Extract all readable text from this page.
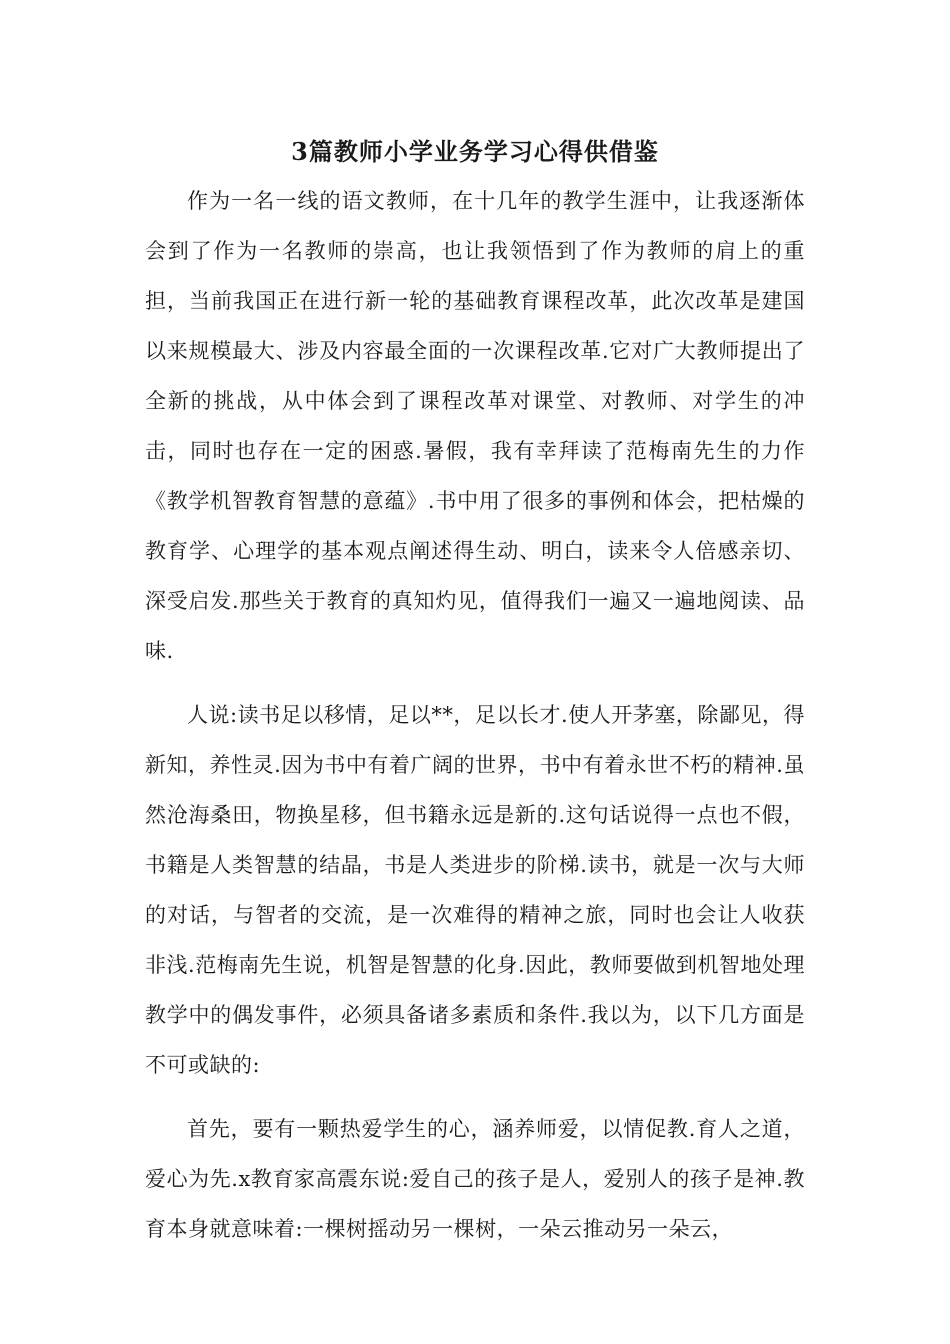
3篇教师小学业务学习心得供借鉴

作为一名一线的语文教师，在十几年的教学生涯中，让我逐渐体会到了作为一名教师的崇高，也让我领悟到了作为教师的肩上的重担，当前我国正在进行新一轮的基础教育课程改革，此次改革是建国以来规模最大、涉及内容最全面的一次课程改革.它对广大教师提出了全新的挑战，从中体会到了课程改革对课堂、对教师、对学生的冲击，同时也存在一定的困惑.暑假，我有幸拜读了范梅南先生的力作《教学机智教育智慧的意蕴》.书中用了很多的事例和体会，把枯燥的教育学、心理学的基本观点阐述得生动、明白，读来令人倍感亲切、深受启发.那些关于教育的真知灼见，值得我们一遍又一遍地阅读、品味.

人说:读书足以移情，足以**，足以长才.使人开茅塞，除鄙见，得新知，养性灵.因为书中有着广阔的世界，书中有着永世不朽的精神.虽然沧海桑田，物换星移，但书籍永远是新的.这句话说得一点也不假，书籍是人类智慧的结晶，书是人类进步的阶梯.读书，就是一次与大师的对话，与智者的交流，是一次难得的精神之旅，同时也会让人收获非浅.范梅南先生说，机智是智慧的化身.因此，教师要做到机智地处理教学中的偶发事件，必须具备诸多素质和条件.我以为，以下几方面是不可或缺的:

首先，要有一颗热爱学生的心，涵养师爱，以情促教.育人之道，爱心为先.x教育家高震东说:爱自己的孩子是人，爱别人的孩子是神.教育本身就意味着:一棵树摇动另一棵树，一朵云推动另一朵云，
